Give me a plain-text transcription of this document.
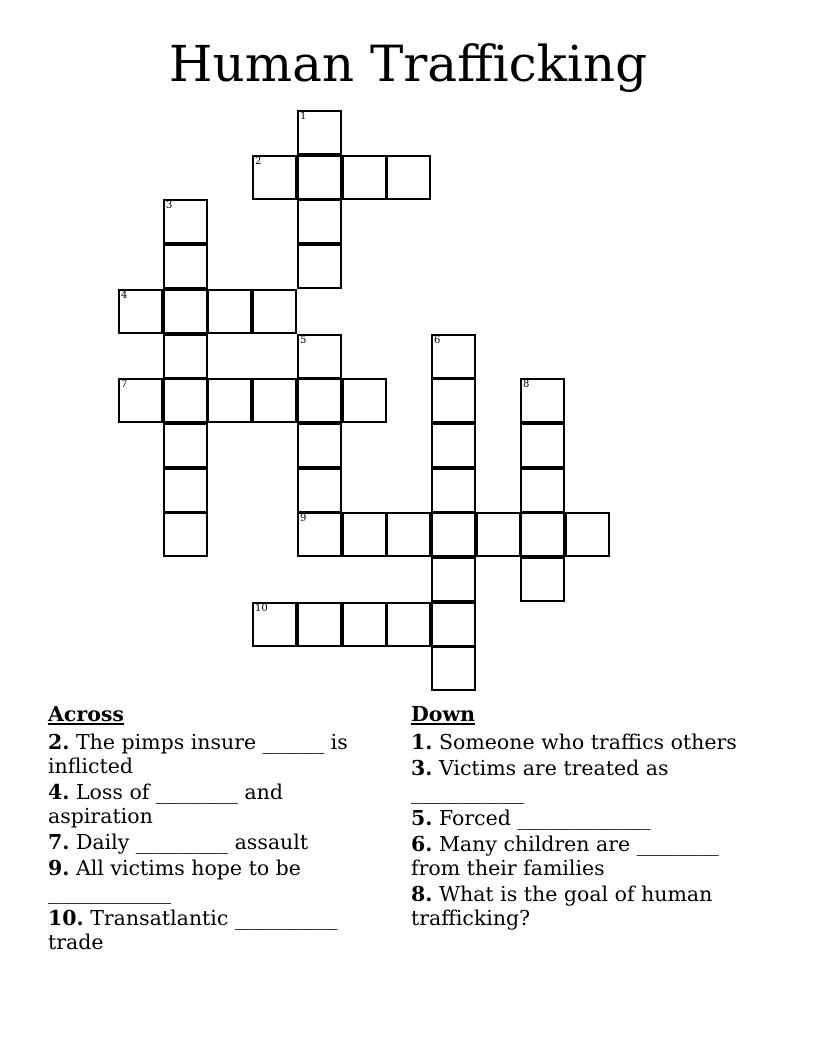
Human Trafficking
1
2
3
4
5
9
6
7	8
10
Across
2. The pimps insure ______ is inflicted
4. Loss of ________ and aspiration
7. Daily _________ assault
9. All victims hope to be ____________
10. Transatlantic __________ trade
Down
1. Someone who traffics others
3. Victims are treated as ___________
5. Forced _____________
6. Many children are ________ from their families
8. What is the goal of human trafficking?
